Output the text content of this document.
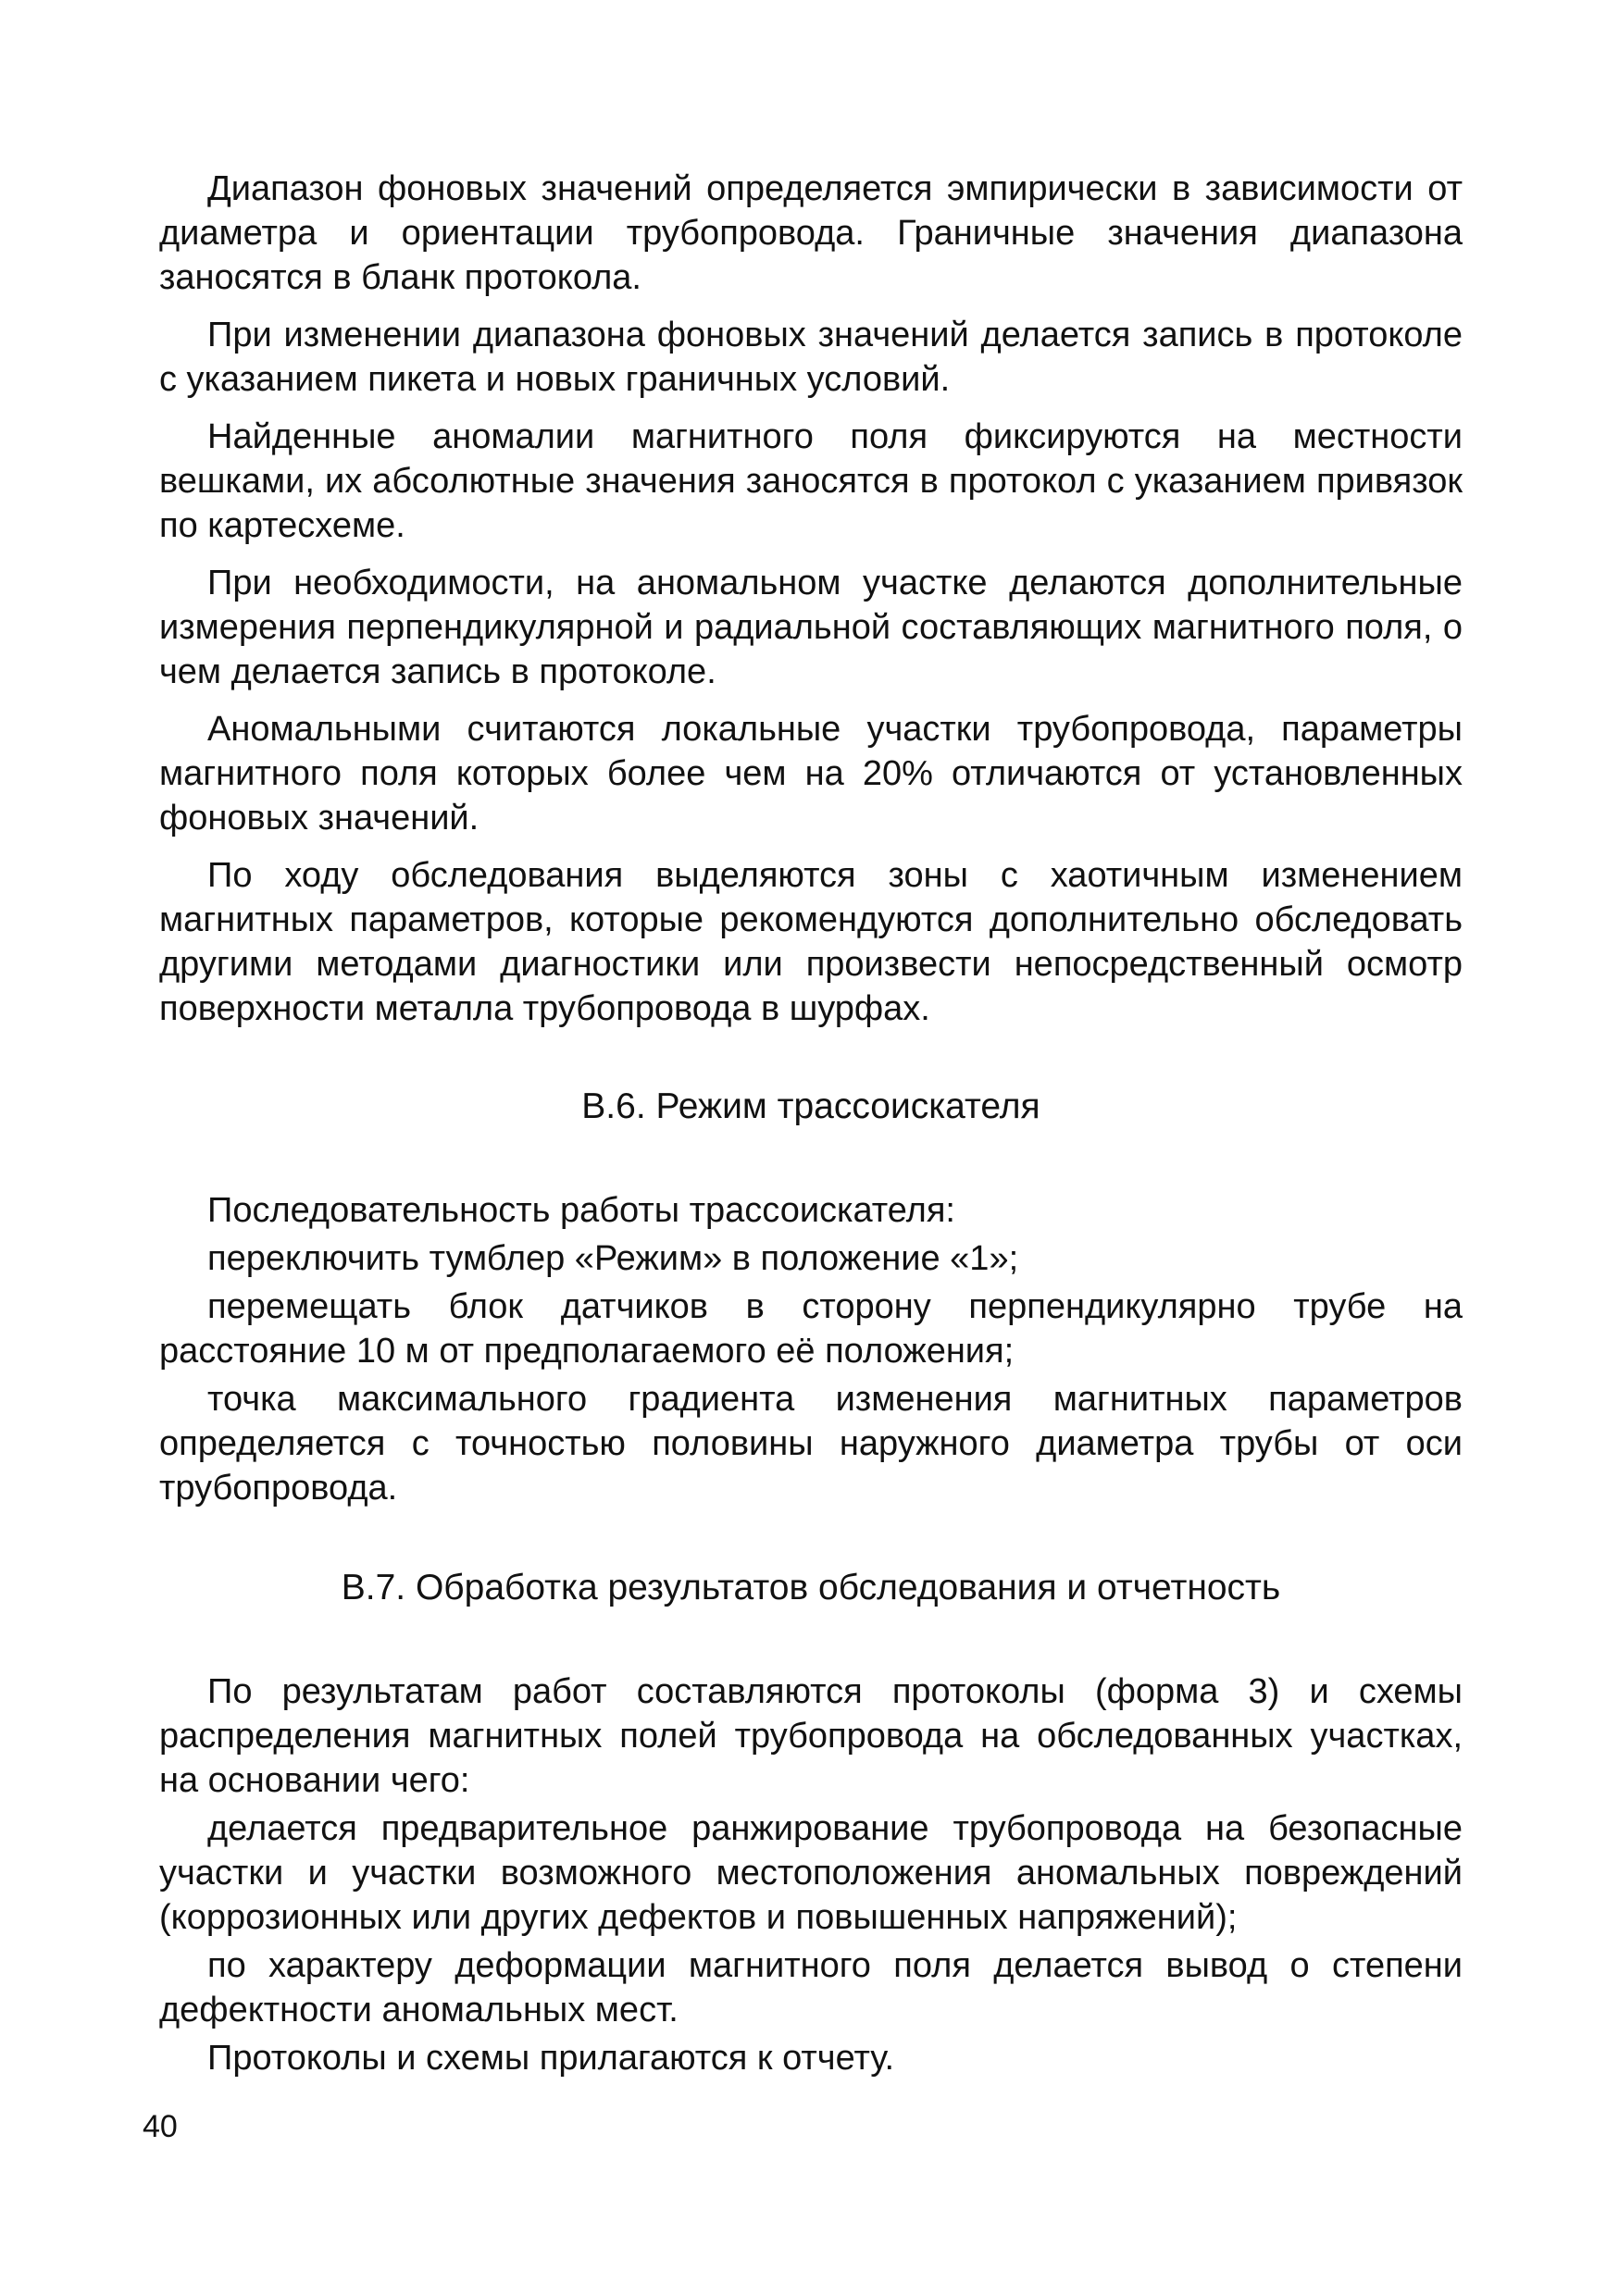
Диапазон фоновых значений определяется эмпирически в зависимости от диаметра и ориентации трубопровода. Граничные значения диапазона заносятся в бланк протокола.

При изменении диапазона фоновых значений делается запись в протоколе с указанием пикета и новых граничных условий.

Найденные аномалии магнитного поля фиксируются на местности вешками, их абсолютные значения заносятся в протокол с указанием привязок по картесхеме.

При необходимости, на аномальном участке делаются дополнительные измерения перпендикулярной и радиальной составляющих магнитного поля, о чем делается запись в протоколе.

Аномальными считаются локальные участки трубопровода, параметры магнитного поля которых более чем на 20% отличаются от установленных фоновых значений.

По ходу обследования выделяются зоны с хаотичным изменением магнитных параметров, которые рекомендуются дополнительно обследовать другими методами диагностики или произвести непосредственный осмотр поверхности металла трубопровода в шурфах.

В.6. Режим трассоискателя

Последовательность работы трассоискателя:

переключить тумблер «Режим» в положение «1»;

перемещать блок датчиков в сторону перпендикулярно трубе на расстояние 10 м от предполагаемого её положения;

точка максимального градиента изменения магнитных параметров определяется с точностью половины наружного диаметра трубы от оси трубопровода.

В.7. Обработка результатов обследования и отчетность

По результатам работ составляются протоколы (форма 3) и схемы распределения магнитных полей трубопровода на обследованных участках, на основании чего:

делается предварительное ранжирование трубопровода на безопасные участки и участки возможного местоположения аномальных повреждений (коррозионных или других дефектов и повышенных напряжений);

по характеру деформации магнитного поля делается вывод о степени дефектности аномальных мест.

Протоколы и схемы прилагаются к отчету.

40
